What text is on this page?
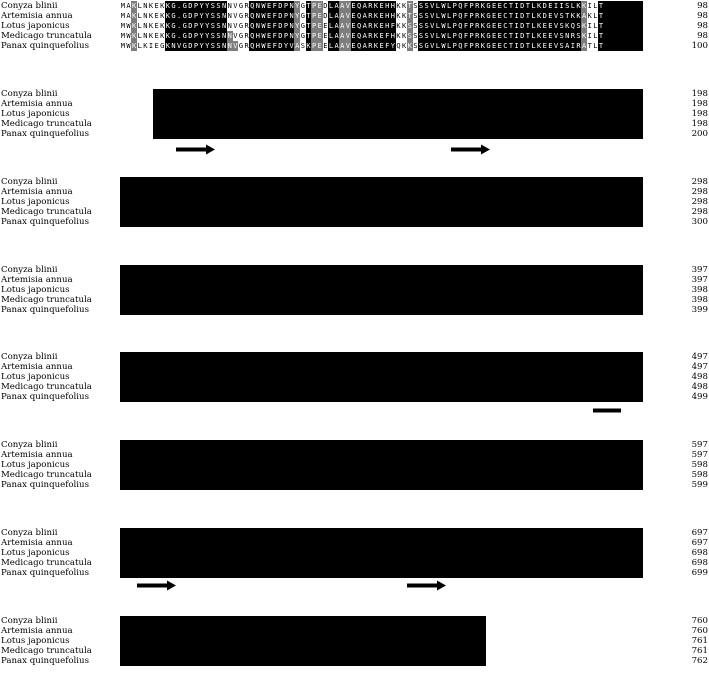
Conyza blinii	M A K L N K E K K G . G D P Y Y S S N N V G R Q N W E F D P N Y G T P E D L A A V E Q A R K E H H K K T S S S V L W L P Q F P R K G E E C T I D T L K D E I I S L K K I L T	98
Artemisia annua	M A K L N K E K K G . G D P Y Y S S N N V G R Q N W E F D P N Y G T P E D L A A V E Q A R K E H H K K T S S S V L W L P Q F P R K G E E C T I D T L K D E V S T K K A K L T	98
Lotus japonicus	M W K L N K E K K G . G D P Y Y S S N N V G R Q N W E F D P N Y G T P E E L A A V E Q A R K E H F K K S S S S V L W L P Q F P R K G E E C T I D T L K E E V S K Q S K I L T	98
Medicago truncatula	M W K L N K E K K G . G D P Y Y S S N N V G R Q H W E F D P N Y G T P E E L A A V E Q A R K E F H K K S S S S V L W L P Q F P R K G E E C T I D T L K E E V S N R S K I L T	98
Panax quinquefolius	M W K L K I E G K N V G D P Y Y S S N N V G R Q H W E F D Y V A S K P E E L A A V E Q A R K E F Y Q K K S S G V L W L P Q F P R K G E E C T I D T L K E E V S A I R A T L T	100
Conyza blinii	198
Artemisia annua	198
Lotus japonicus	198
Medicago truncatula	198
Panax quinquefolius	200
Conyza blinii	298
Artemisia annua	298
Lotus japonicus	298
Medicago truncatula	298
Panax quinquefolius	300
Conyza blinii	397
Artemisia annua	397
Lotus japonicus	398
Medicago truncatula	398
Panax quinquefolius	399
Conyza blinii	497
Artemisia annua	497
Lotus japonicus	498
Medicago truncatula	498
Panax quinquefolius	499
Conyza blinii	597
Artemisia annua	597
Lotus japonicus	598
Medicago truncatula	598
Panax quinquefolius	599
Conyza blinii	697
Artemisia annua	697
Lotus japonicus	698
Medicago truncatula	698
Panax quinquefolius	699
Conyza blinii	760
Artemisia annua	760
Lotus japonicus	761
Medicago truncatula	761
Panax quinquefolius	762
